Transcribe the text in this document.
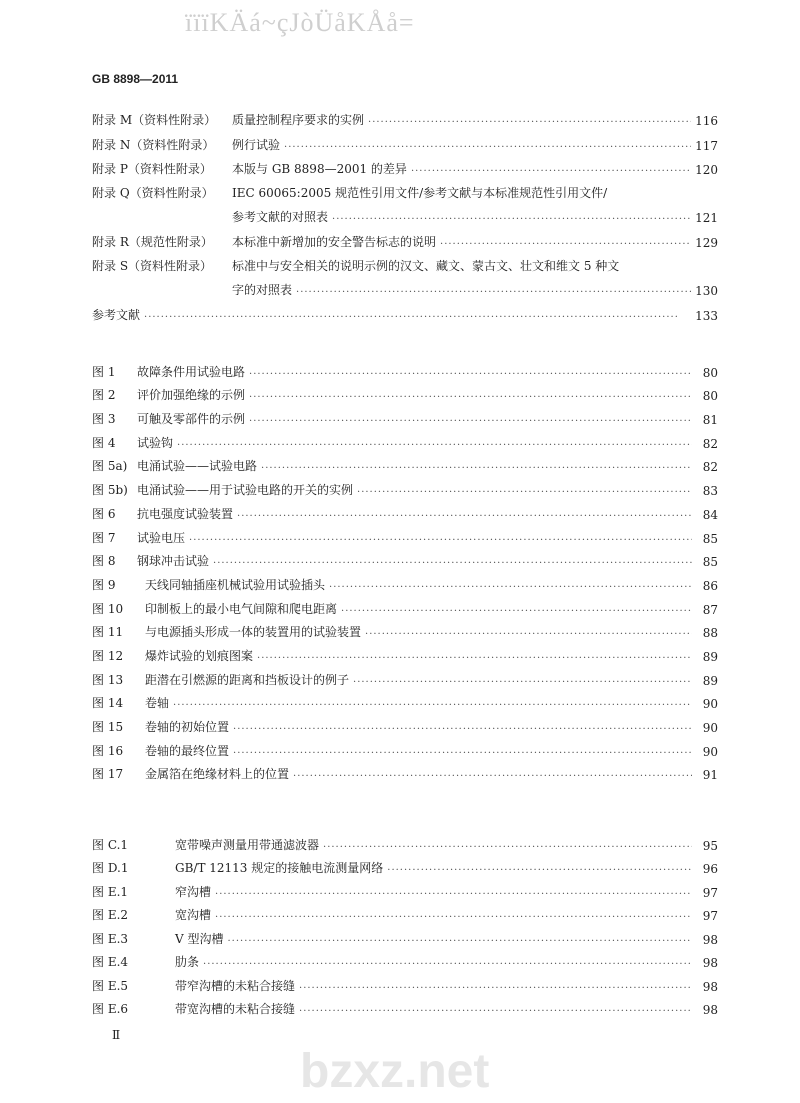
ïïïKÄá~çJòÜåKÅå=
bzxz.net
GB 8898—2011
附录 M（资料性附录）	质量控制程序要求的实例 ·····	116
附录 N（资料性附录）	例行试验 ·····	117
附录 P（资料性附录）	本版与 GB 8898—2001 的差异 ·····	120
附录 Q（资料性附录）	IEC 60065:2005 规范性引用文件/参考文献与本标准规范性引用文件/
参考文献的对照表 ·····	121
附录 R（规范性附录）	本标准中新增加的安全警告标志的说明 ·····	129
附录 S（资料性附录）	标准中与安全相关的说明示例的汉文、藏文、蒙古文、壮文和维文 5 种文
字的对照表 ·····	130
参考文献 ·····	133
图 1	故障条件用试验电路 ·····	80
图 2	评价加强绝缘的示例 ·····	80
图 3	可触及零部件的示例 ·····	81
图 4	试验钩 ·····	82
图 5a) 电涌试验——试验电路 ·····	82
图 5b) 电涌试验——用于试验电路的开关的实例 ·····	83
图 6	抗电强度试验装置 ·····	84
图 7	试验电压 ·····	85
图 8	钢球冲击试验 ·····	85
图 9	天线同轴插座机械试验用试验插头 ·····	86
图 10	印制板上的最小电气间隙和爬电距离 ·····	87
图 11	与电源插头形成一体的装置用的试验装置 ·····	88
图 12	爆炸试验的划痕图案 ·····	89
图 13	距潜在引燃源的距离和挡板设计的例子 ·····	89
图 14	卷轴 ·····	90
图 15	卷轴的初始位置 ·····	90
图 16	卷轴的最终位置 ·····	90
图 17	金属箔在绝缘材料上的位置 ·····	91
图 C.1	宽带噪声测量用带通滤波器 ·····	95
图 D.1	GB/T 12113 规定的接触电流测量网络 ·····	96
图 E.1	窄沟槽 ·····	97
图 E.2	宽沟槽 ·····	97
图 E.3	V 型沟槽 ·····	98
图 E.4	肋条 ·····	98
图 E.5	带窄沟槽的未粘合接缝 ·····	98
图 E.6	带宽沟槽的未粘合接缝 ·····	98
Ⅱ
